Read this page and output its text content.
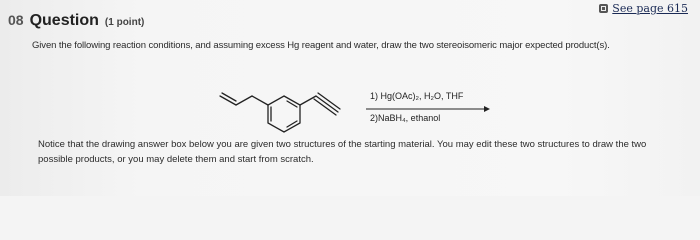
See page 615
08 Question (1 point)
Given the following reaction conditions, and assuming excess Hg reagent and water, draw the two stereoisomeric major expected product(s).
1) Hg(OAc)₂, H₂O, THF
2)NaBH₄, ethanol
Notice that the drawing answer box below you are given two structures of the starting material. You may edit these two structures to draw the two possible products, or you may delete them and start from scratch.
